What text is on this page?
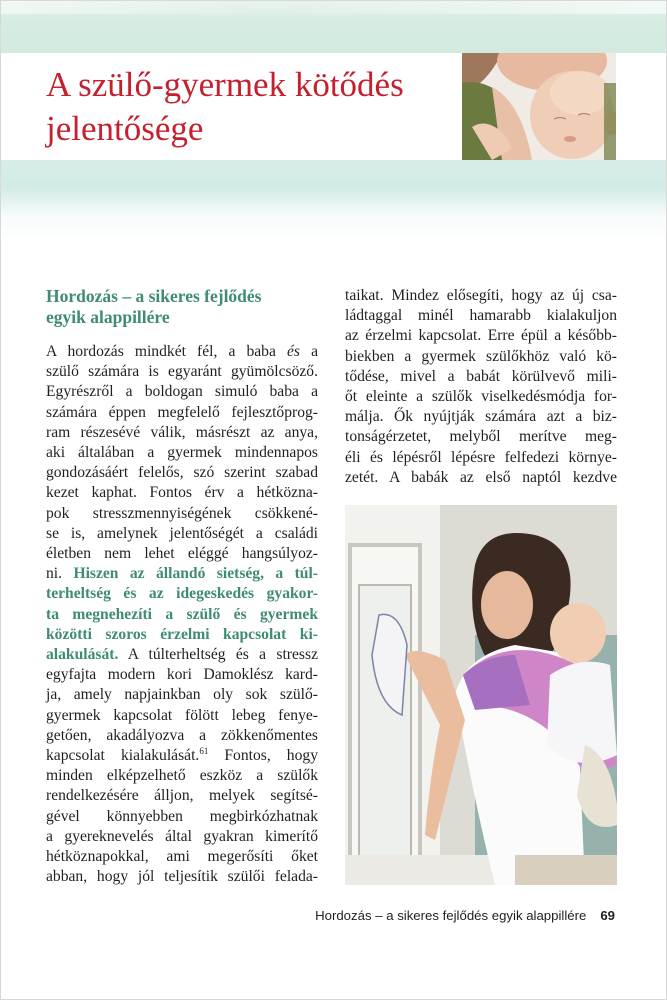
A szülő-gyermek kötődés
jelentősége
Hordozás – a sikeres fejlődés
egyik alappillére

A hordozás mindkét fél, a baba és a
szülő számára is egyaránt gyümölcsöző.
Egyrészről a boldogan simuló baba a
számára éppen megfelelő fejlesztőprog-
ram részesévé válik, másrészt az anya,
aki általában a gyermek mindennapos
gondozásáért felelős, szó szerint szabad
kezet kaphat. Fontos érv a hétközna-
pok stresszmennyiségének csökkené-
se is, amelynek jelentőségét a családi
életben nem lehet eléggé hangsúlyoz-
ni. Hiszen az állandó sietség, a túl-
terheltség és az idegeskedés gyakor-
ta megnehezíti a szülő és gyermek
közötti szoros érzelmi kapcsolat ki-
alakulását. A túlterheltség és a stressz
egyfajta modern kori Damoklész kard-
ja, amely napjainkban oly sok szülő-
gyermek kapcsolat fölött lebeg fenye-
getően, akadályozva a zökkenőmentes
kapcsolat kialakulását.$^{61}$ Fontos, hogy
minden elképzelhető eszköz a szülők
rendelkezésére álljon, melyek segítsé-
gével könnyebben megbirkózhatnak
a gyereknevelés által gyakran kimerítő
hétköznapokkal, ami megerősíti őket
abban, hogy jól teljesítik szülői felada-

taikat. Mindez elősegíti, hogy az új csa-
ládtaggal minél hamarabb kialakuljon
az érzelmi kapcsolat. Erre épül a később-
biekben a gyermek szülőkhöz való kö-
tődése, mivel a babát körülvevő mili-
őt eleinte a szülők viselkedésmódja for-
málja. Ők nyújtják számára azt a biz-
tonságérzetet, melyből merítve meg-
éli és lépésről lépésre felfedezi környe-
zetét. A babák az első naptól kezdve

Hordozás – a sikeres fejlődés egyik alappillére 69
